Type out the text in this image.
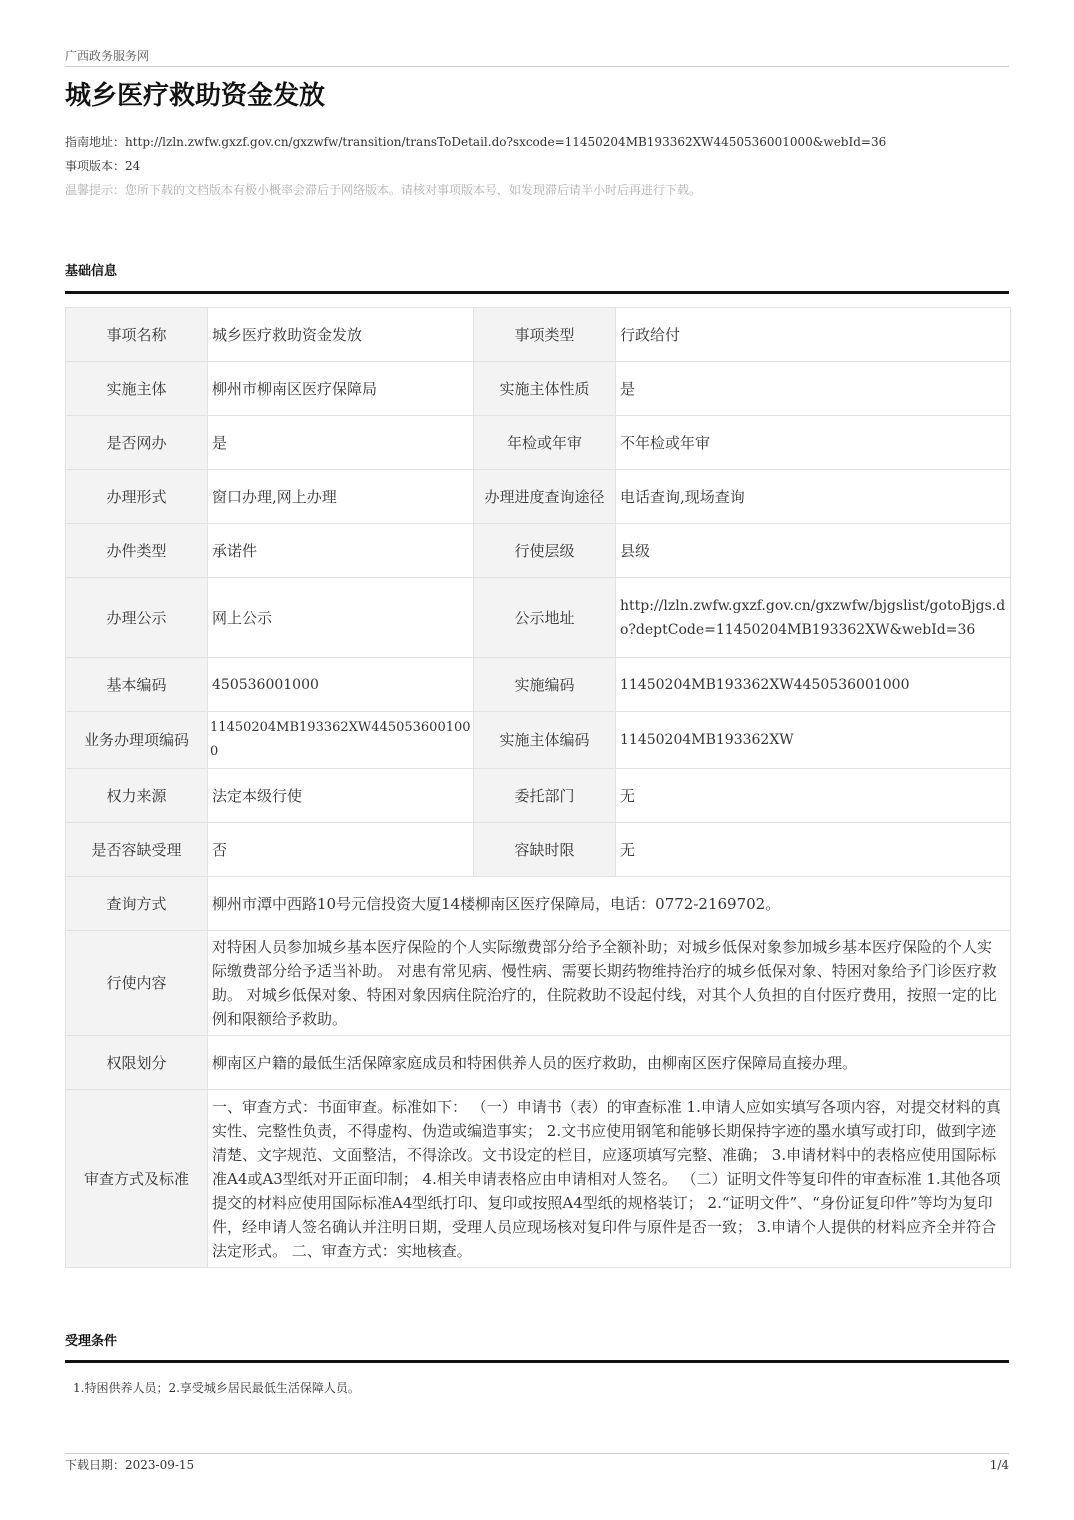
广西政务服务网
城乡医疗救助资金发放
指南地址：http://lzln.zwfw.gxzf.gov.cn/gxzwfw/transition/transToDetail.do?sxcode=11450204MB193362XW4450536001000&webId=36
事项版本：24
温馨提示：您所下载的文档版本有极小概率会滞后于网络版本。请核对事项版本号，如发现滞后请半小时后再进行下载。
基础信息
事项名称	城乡医疗救助资金发放	事项类型	行政给付
实施主体	柳州市柳南区医疗保障局	实施主体性质	是
是否网办	是	年检或年审	不年检或年审
办理形式	窗口办理,网上办理	办理进度查询途径	电话查询,现场查询
办件类型	承诺件	行使层级	县级
办理公示	网上公示	公示地址	http://lzln.zwfw.gxzf.gov.cn/gxzwfw/bjgslist/gotoBjgs.do?deptCode=11450204MB193362XW&webId=36
基本编码	450536001000	实施编码	11450204MB193362XW4450536001000
业务办理项编码	11450204MB193362XW4450536001000	实施主体编码	11450204MB193362XW
权力来源	法定本级行使	委托部门	无
是否容缺受理	否	容缺时限	无
查询方式	柳州市潭中西路10号元信投资大厦14楼柳南区医疗保障局，电话：0772-2169702。		
行使内容	对特困人员参加城乡基本医疗保险的个人实际缴费部分给予全额补助；对城乡低保对象参加城乡基本医疗保险的个人实际缴费部分给予适当补助。 对患有常见病、慢性病、需要长期药物维持治疗的城乡低保对象、特困对象给予门诊医疗救助。 对城乡低保对象、特困对象因病住院治疗的，住院救助不设起付线，对其个人负担的自付医疗费用，按照一定的比例和限额给予救助。		
权限划分	柳南区户籍的最低生活保障家庭成员和特困供养人员的医疗救助，由柳南区医疗保障局直接办理。		
审查方式及标准	一、审查方式：书面审查。标准如下： （一）申请书（表）的审查标准 1.申请人应如实填写各项内容，对提交材料的真实性、完整性负责，不得虚构、伪造或编造事实； 2.文书应使用钢笔和能够长期保持字迹的墨水填写或打印，做到字迹清楚、文字规范、文面整洁，不得涂改。文书设定的栏目，应逐项填写完整、准确； 3.申请材料中的表格应使用国际标准A4或A3型纸对开正面印制； 4.相关申请表格应由申请相对人签名。 （二）证明文件等复印件的审查标准 1.其他各项提交的材料应使用国际标准A4型纸打印、复印或按照A4型纸的规格装订； 2.“证明文件”、“身份证复印件”等均为复印件，经申请人签名确认并注明日期，受理人员应现场核对复印件与原件是否一致； 3.申请个人提供的材料应齐全并符合法定形式。 二、审查方式：实地核查。		
受理条件
1.特困供养人员；2.享受城乡居民最低生活保障人员。
下载日期：2023-09-15	1/4
